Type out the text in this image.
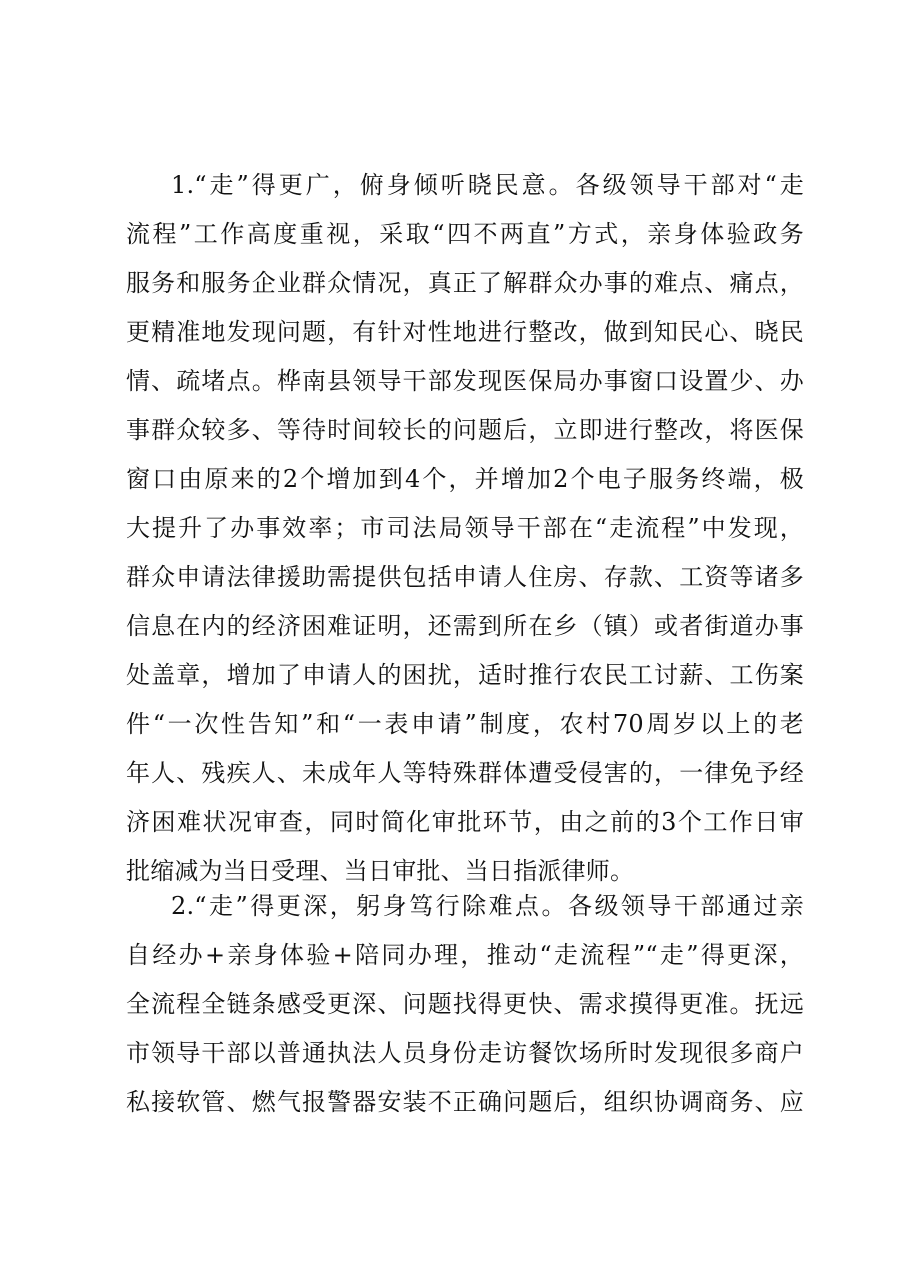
1.“走”得更广，俯身倾听晓民意。各级领导干部对“走
流程”工作高度重视，采取“四不两直”方式，亲身体验政务
服务和服务企业群众情况，真正了解群众办事的难点、痛点，
更精准地发现问题，有针对性地进行整改，做到知民心、晓民
情、疏堵点。桦南县领导干部发现医保局办事窗口设置少、办
事群众较多、等待时间较长的问题后，立即进行整改，将医保
窗口由原来的2个增加到4个，并增加2个电子服务终端，极
大提升了办事效率；市司法局领导干部在“走流程”中发现，
群众申请法律援助需提供包括申请人住房、存款、工资等诸多
信息在内的经济困难证明，还需到所在乡（镇）或者街道办事
处盖章，增加了申请人的困扰，适时推行农民工讨薪、工伤案
件“一次性告知”和“一表申请”制度，农村70周岁以上的老
年人、残疾人、未成年人等特殊群体遭受侵害的，一律免予经
济困难状况审查，同时简化审批环节，由之前的3个工作日审
批缩减为当日受理、当日审批、当日指派律师。
2.“走”得更深，躬身笃行除难点。各级领导干部通过亲
自经办+亲身体验+陪同办理，推动“走流程”“走”得更深，
全流程全链条感受更深、问题找得更快、需求摸得更准。抚远
市领导干部以普通执法人员身份走访餐饮场所时发现很多商户
私接软管、燃气报警器安装不正确问题后，组织协调商务、应
